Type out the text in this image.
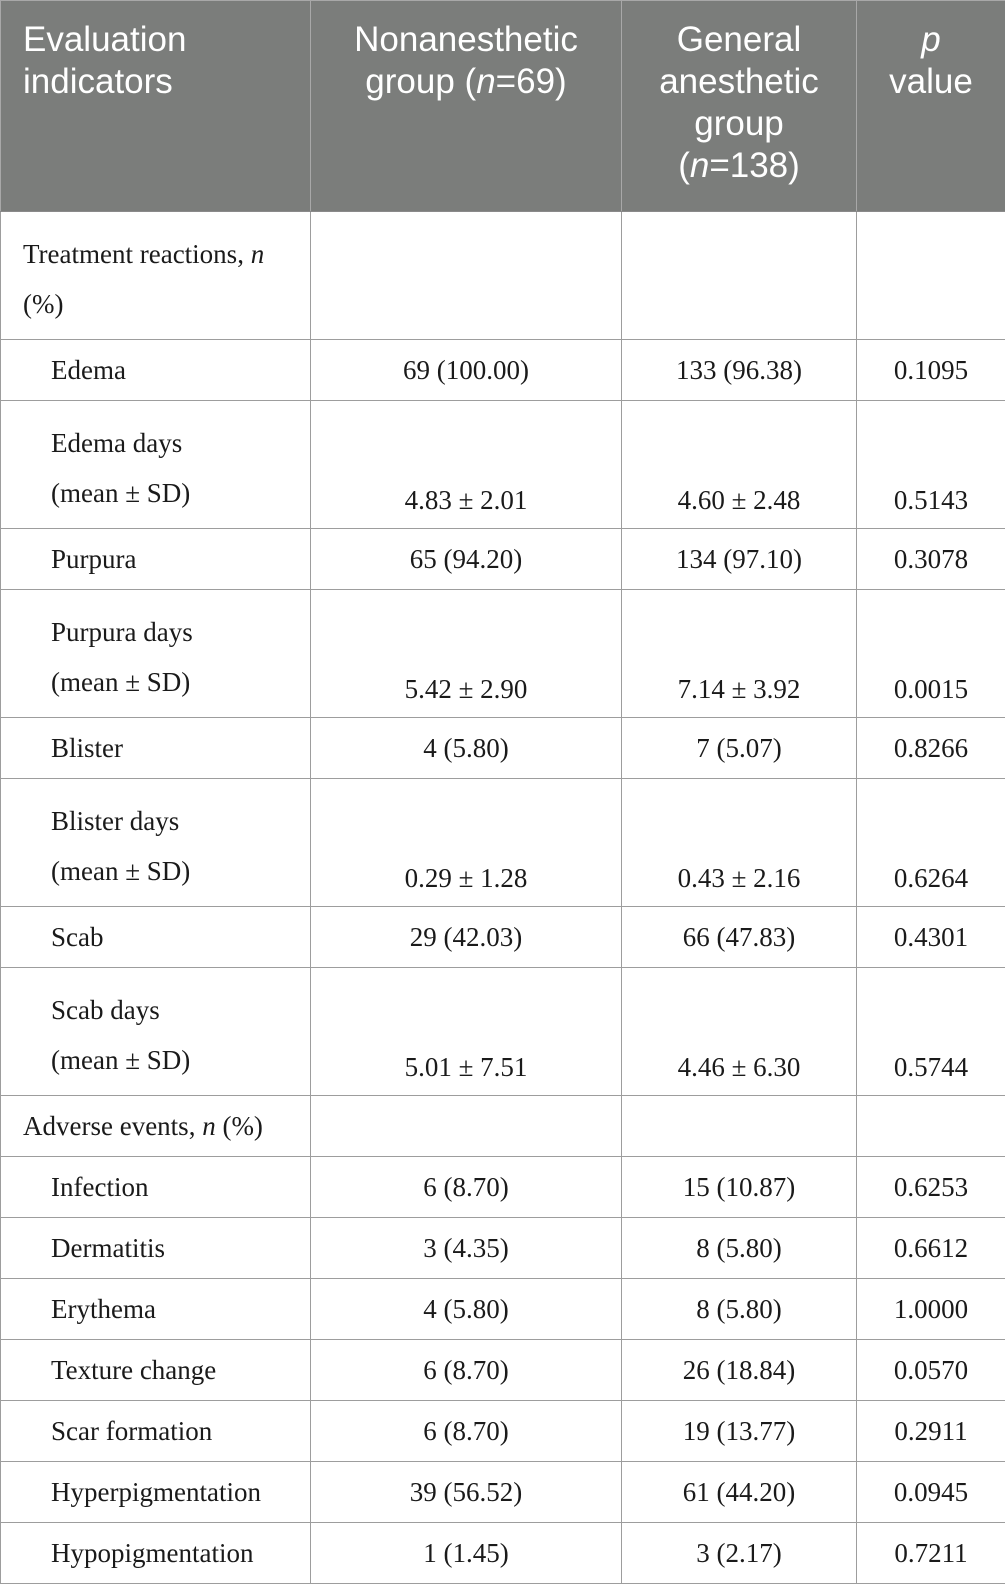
Evaluation indicators	Nonanesthetic group (n=69)	General anesthetic group (n=138)	p
value
Treatment reactions, n (%)			
Edema	69 (100.00)	133 (96.38)	0.1095
Edema days
(mean ± SD)	4.83 ± 2.01	4.60 ± 2.48	0.5143
Purpura	65 (94.20)	134 (97.10)	0.3078
Purpura days
(mean ± SD)	5.42 ± 2.90	7.14 ± 3.92	0.0015
Blister	4 (5.80)	7 (5.07)	0.8266
Blister days
(mean ± SD)	0.29 ± 1.28	0.43 ± 2.16	0.6264
Scab	29 (42.03)	66 (47.83)	0.4301
Scab days
(mean ± SD)	5.01 ± 7.51	4.46 ± 6.30	0.5744
Adverse events, n (%)			
Infection	6 (8.70)	15 (10.87)	0.6253
Dermatitis	3 (4.35)	8 (5.80)	0.6612
Erythema	4 (5.80)	8 (5.80)	1.0000
Texture change	6 (8.70)	26 (18.84)	0.0570
Scar formation	6 (8.70)	19 (13.77)	0.2911
Hyperpigmentation	39 (56.52)	61 (44.20)	0.0945
Hypopigmentation	1 (1.45)	3 (2.17)	0.7211
